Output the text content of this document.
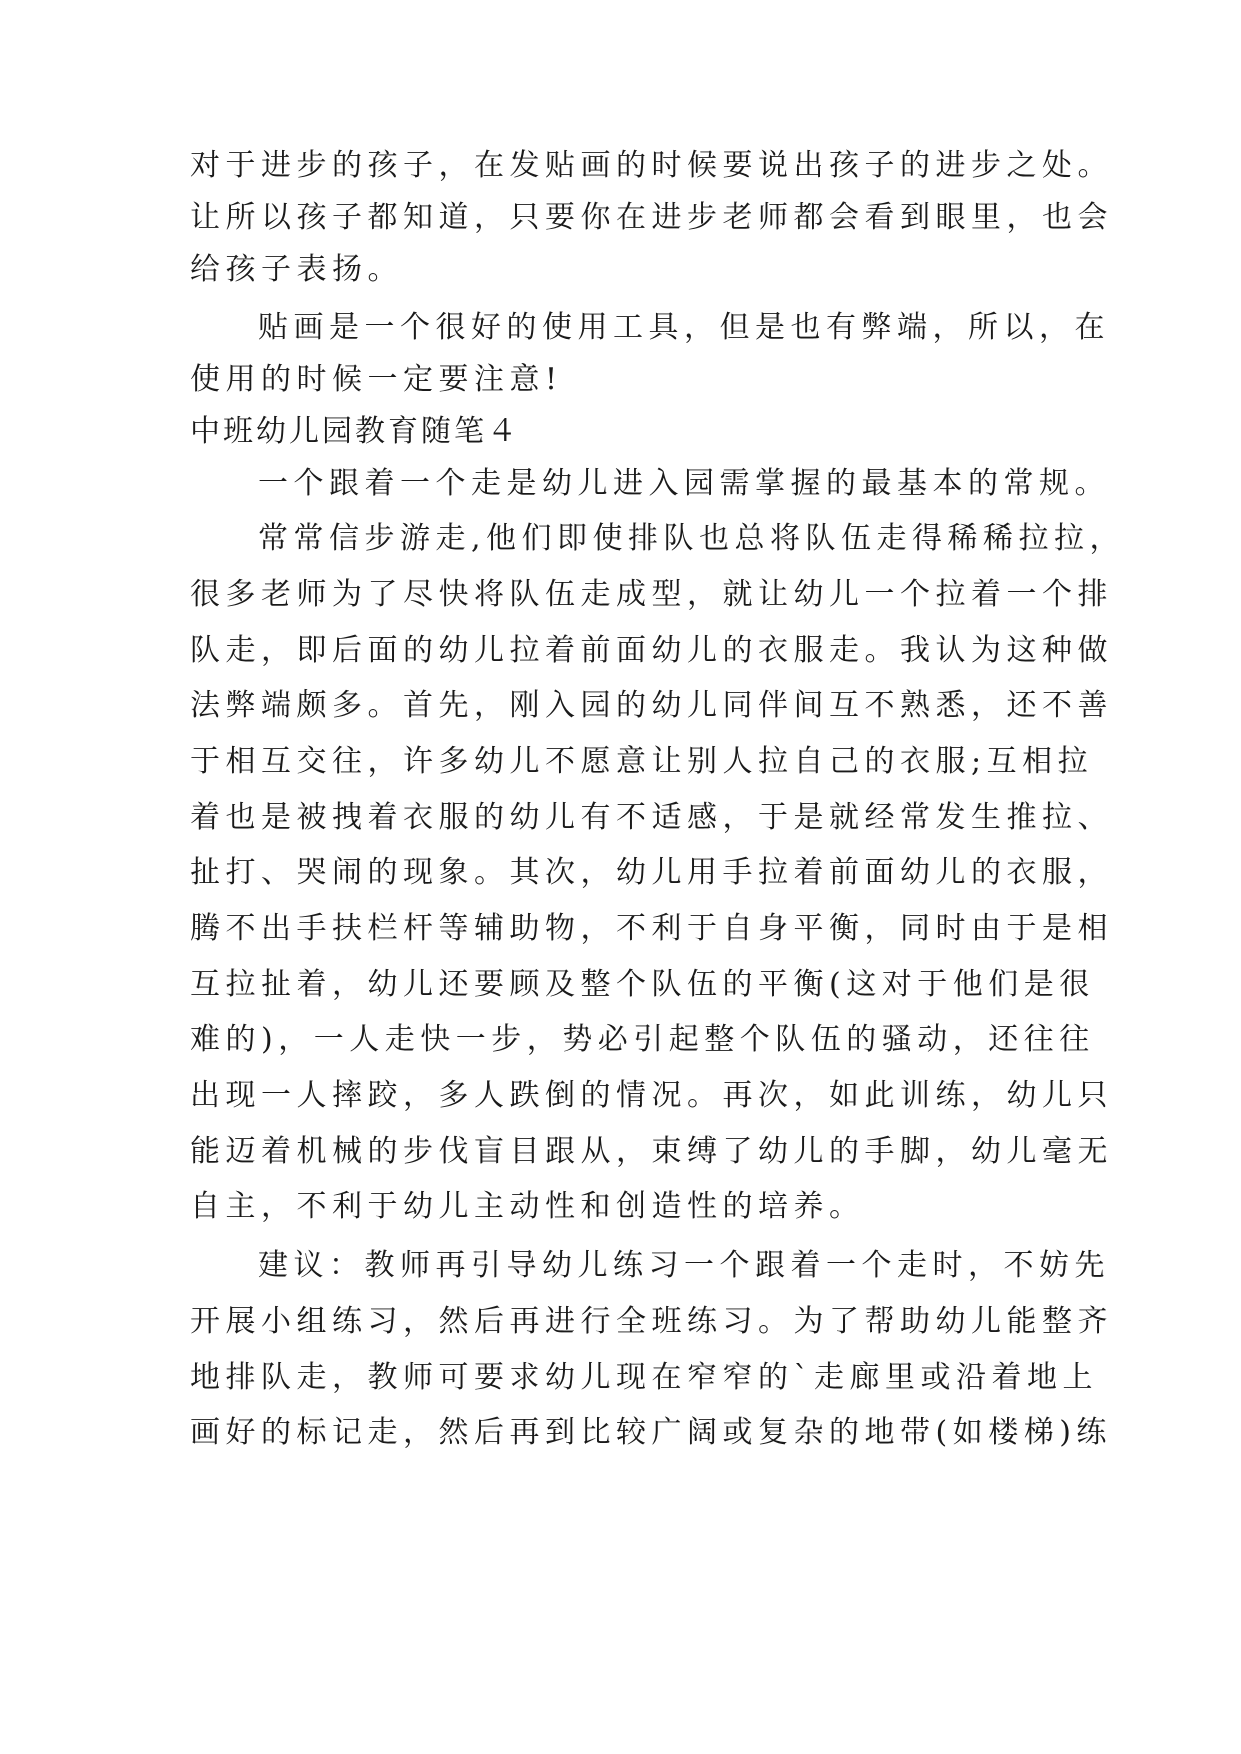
对于进步的孩子，在发贴画的时候要说出孩子的进步之处。
让所以孩子都知道，只要你在进步老师都会看到眼里，也会
给孩子表扬。
贴画是一个很好的使用工具，但是也有弊端，所以，在
使用的时候一定要注意!
中班幼儿园教育随笔４
一个跟着一个走是幼儿进入园需掌握的最基本的常规。
常常信步游走,他们即使排队也总将队伍走得稀稀拉拉，
很多老师为了尽快将队伍走成型，就让幼儿一个拉着一个排
队走，即后面的幼儿拉着前面幼儿的衣服走。我认为这种做
法弊端颇多。首先，刚入园的幼儿同伴间互不熟悉，还不善
于相互交往，许多幼儿不愿意让别人拉自己的衣服;互相拉
着也是被拽着衣服的幼儿有不适感，于是就经常发生推拉、
扯打、哭闹的现象。其次，幼儿用手拉着前面幼儿的衣服，
腾不出手扶栏杆等辅助物，不利于自身平衡，同时由于是相
互拉扯着，幼儿还要顾及整个队伍的平衡(这对于他们是很
难的)，一人走快一步，势必引起整个队伍的骚动，还往往
出现一人摔跤，多人跌倒的情况。再次，如此训练，幼儿只
能迈着机械的步伐盲目跟从，束缚了幼儿的手脚，幼儿毫无
自主，不利于幼儿主动性和创造性的培养。
建议：教师再引导幼儿练习一个跟着一个走时，不妨先
开展小组练习，然后再进行全班练习。为了帮助幼儿能整齐
地排队走，教师可要求幼儿现在窄窄的`走廊里或沿着地上
画好的标记走，然后再到比较广阔或复杂的地带(如楼梯)练
